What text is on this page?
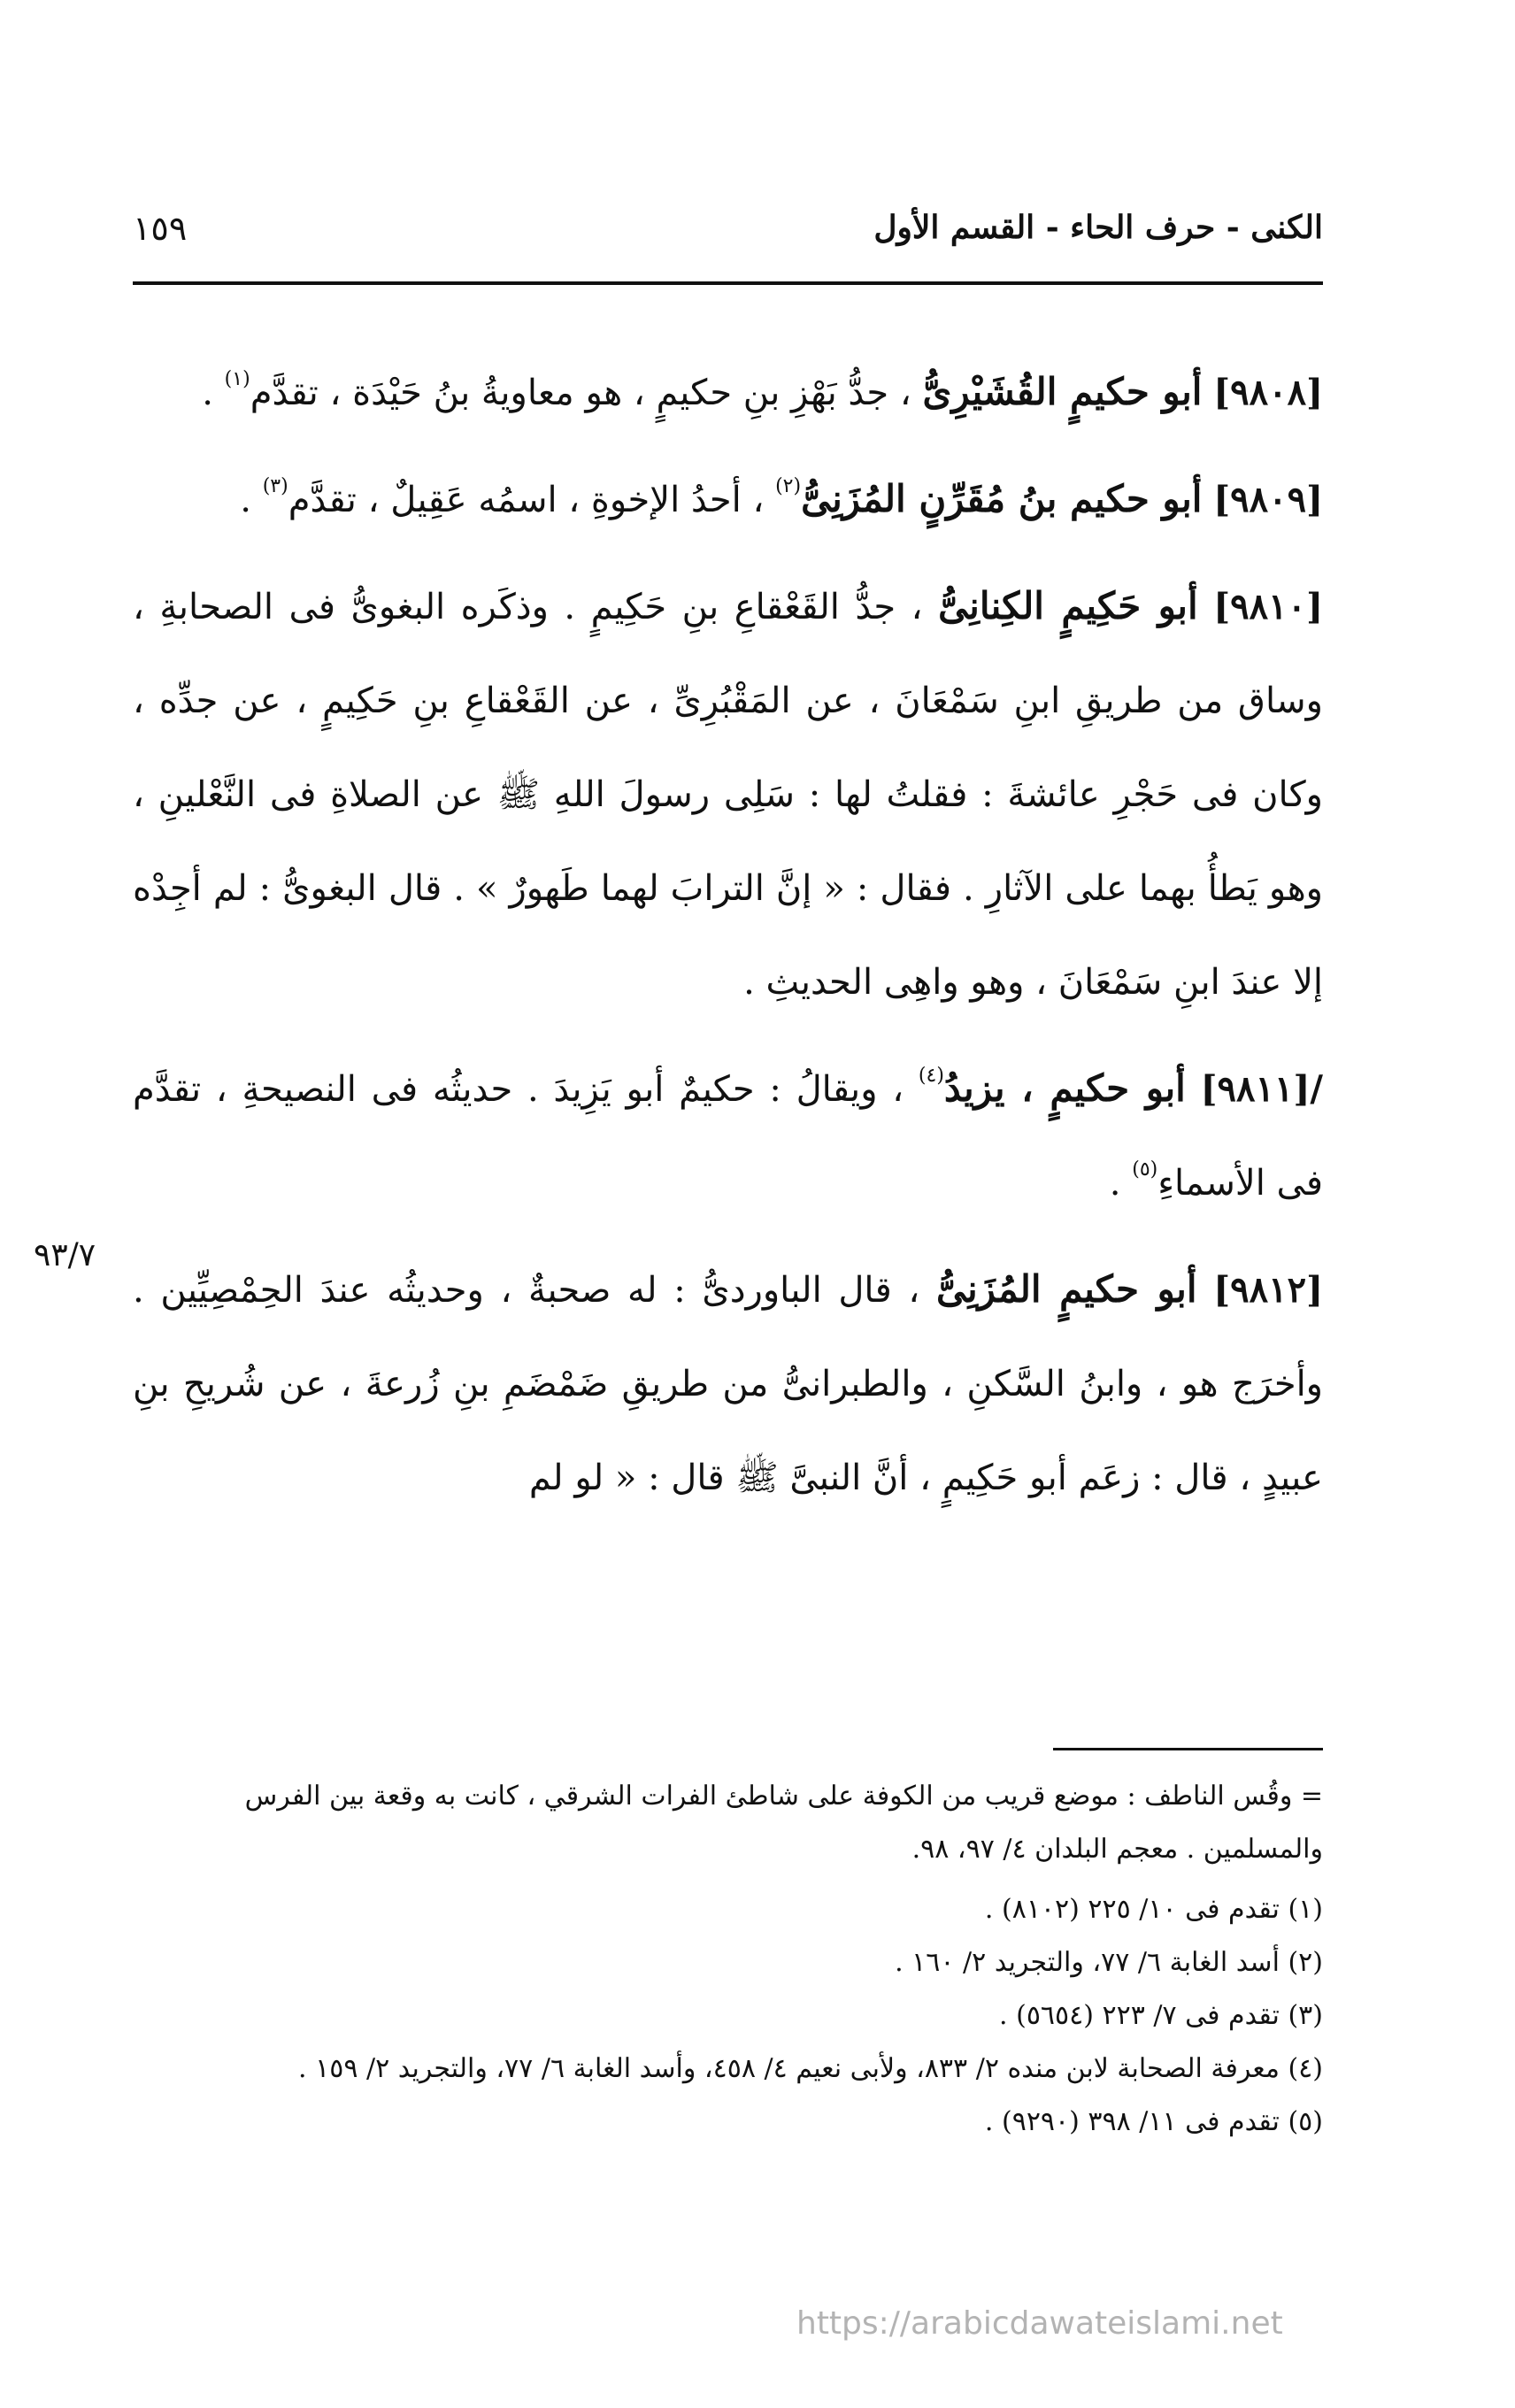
الكنى - حرف الحاء - القسم الأول
١٥٩

[٩٨٠٨] أبو حكيمٍ القُشَيْرِىُّ ، جدُّ بَهْزِ بنِ حكيمٍ ، هو معاويةُ بنُ حَيْدَة ، تقدَّم$^{(١)}$ .

[٩٨٠٩] أبو حكيم بنُ مُقَرِّنٍ المُزَنِىُّ$^{(٢)}$ ، أحدُ الإخوةِ ، اسمُه عَقِيلٌ ، تقدَّم$^{(٣)}$ .

[٩٨١٠] أبو حَكِيمٍ الكِنانِىُّ ، جدُّ القَعْقاعِ بنِ حَكِيمٍ . وذكَره البغوىُّ فى الصحابةِ ، وساق من طريقِ ابنِ سَمْعَانَ ، عن المَقْبُرِىِّ ، عن القَعْقاعِ بنِ حَكِيمٍ ، عن جدِّه ، وكان فى حَجْرِ عائشةَ : فقلتُ لها : سَلِى رسولَ اللهِ ﷺ عن الصلاةِ فى النَّعْلينِ ، وهو يَطأُ بهما على الآثارِ . فقال : « إنَّ الترابَ لهما طَهورٌ » . قال البغوىُّ : لم أجِدْه إلا عندَ ابنِ سَمْعَانَ ، وهو واهِى الحديثِ .

/[٩٨١١] أبو حكيمٍ ، يزيدُ$^{(٤)}$ ، ويقالُ : حكيمٌ أبو يَزِيدَ . حديثُه فى النصيحةِ ، تقدَّم فى الأسماءِ$^{(٥)}$ .

[٩٨١٢] أبو حكيمٍ المُزَنِىُّ ، قال الباوردىُّ : له صحبةٌ ، وحديثُه عندَ الحِمْصِيِّين . وأخرَج هو ، وابنُ السَّكنِ ، والطبرانىُّ من طريقِ ضَمْضَمِ بنِ زُرعةَ ، عن شُريحِ بنِ عبيدٍ ، قال : زعَم أبو حَكِيمٍ ، أنَّ النبىَّ ﷺ قال : « لو لم

٩٣/٧

= وقُس الناطف : موضع قريب من الكوفة على شاطئ الفرات الشرقي ، كانت به وقعة بين الفرس والمسلمين . معجم البلدان ٤/ ٩٧، ٩٨.

(١) تقدم فى ١٠/ ٢٢٥ (٨١٠٢) .

(٢) أسد الغابة ٦/ ٧٧، والتجريد ٢/ ١٦٠ .

(٣) تقدم فى ٧/ ٢٢٣ (٥٦٥٤) .

(٤) معرفة الصحابة لابن منده ٢/ ٨٣٣، ولأبى نعيم ٤/ ٤٥٨، وأسد الغابة ٦/ ٧٧، والتجريد ٢/ ١٥٩ .

(٥) تقدم فى ١١/ ٣٩٨ (٩٢٩٠) .

https://arabicdawateislami.net
